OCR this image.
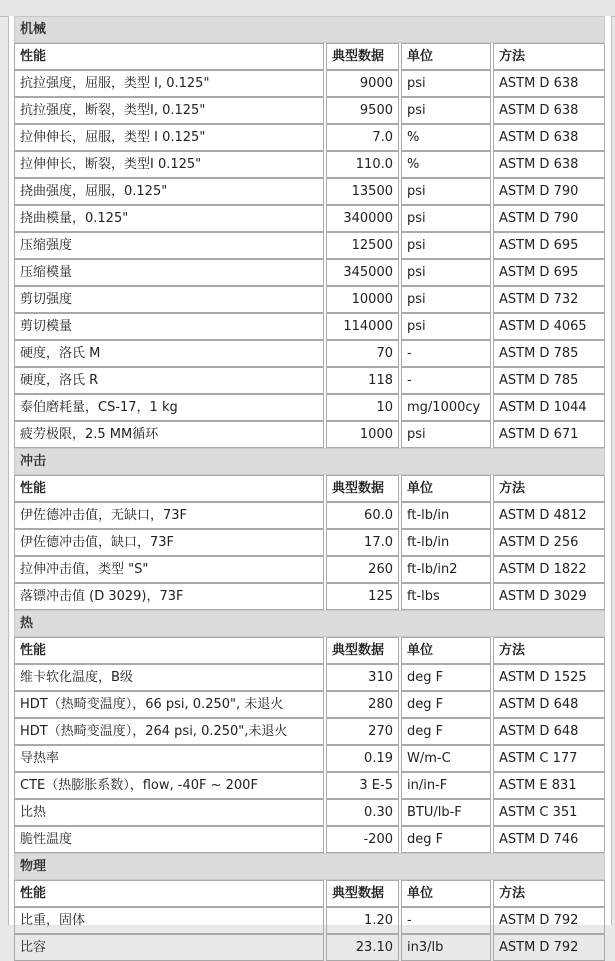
机械			
性能	典型数据	单位	方法
抗拉强度，屈服，类型 I, 0.125"	9000	psi	ASTM D 638
抗拉强度，断裂，类型I, 0.125"	9500	psi	ASTM D 638
拉伸伸长，屈服，类型 I 0.125"	7.0	%	ASTM D 638
拉伸伸长，断裂，类型I 0.125"	110.0	%	ASTM D 638
挠曲强度，屈服，0.125"	13500	psi	ASTM D 790
挠曲模量，0.125"	340000	psi	ASTM D 790
压缩强度	12500	psi	ASTM D 695
压缩模量	345000	psi	ASTM D 695
剪切强度	10000	psi	ASTM D 732
剪切模量	114000	psi	ASTM D 4065
硬度，洛氏 M	70	-	ASTM D 785
硬度，洛氏 R	118	-	ASTM D 785
泰伯磨耗量，CS-17，1 kg	10	mg/1000cy	ASTM D 1044
疲劳极限，2.5 MM循环	1000	psi	ASTM D 671
冲击			
性能	典型数据	单位	方法
伊佐德冲击值，无缺口，73F	60.0	ft-lb/in	ASTM D 4812
伊佐德冲击值，缺口，73F	17.0	ft-lb/in	ASTM D 256
拉伸冲击值，类型 "S"	260	ft-lb/in2	ASTM D 1822
落镖冲击值 (D 3029)，73F	125	ft-lbs	ASTM D 3029
热			
性能	典型数据	单位	方法
维卡软化温度，B级	310	deg F	ASTM D 1525
HDT（热畸变温度），66 psi, 0.250", 未退火	280	deg F	ASTM D 648
HDT（热畸变温度），264 psi, 0.250",未退火	270	deg F	ASTM D 648
导热率	0.19	W/m-C	ASTM C 177
CTE（热膨胀系数），flow, -40F ~ 200F	3 E-5	in/in-F	ASTM E 831
比热	0.30	BTU/lb-F	ASTM C 351
脆性温度	-200	deg F	ASTM D 746
物理			
性能	典型数据	单位	方法
比重，固体	1.20	-	ASTM D 792
比容	23.10	in3/lb	ASTM D 792
